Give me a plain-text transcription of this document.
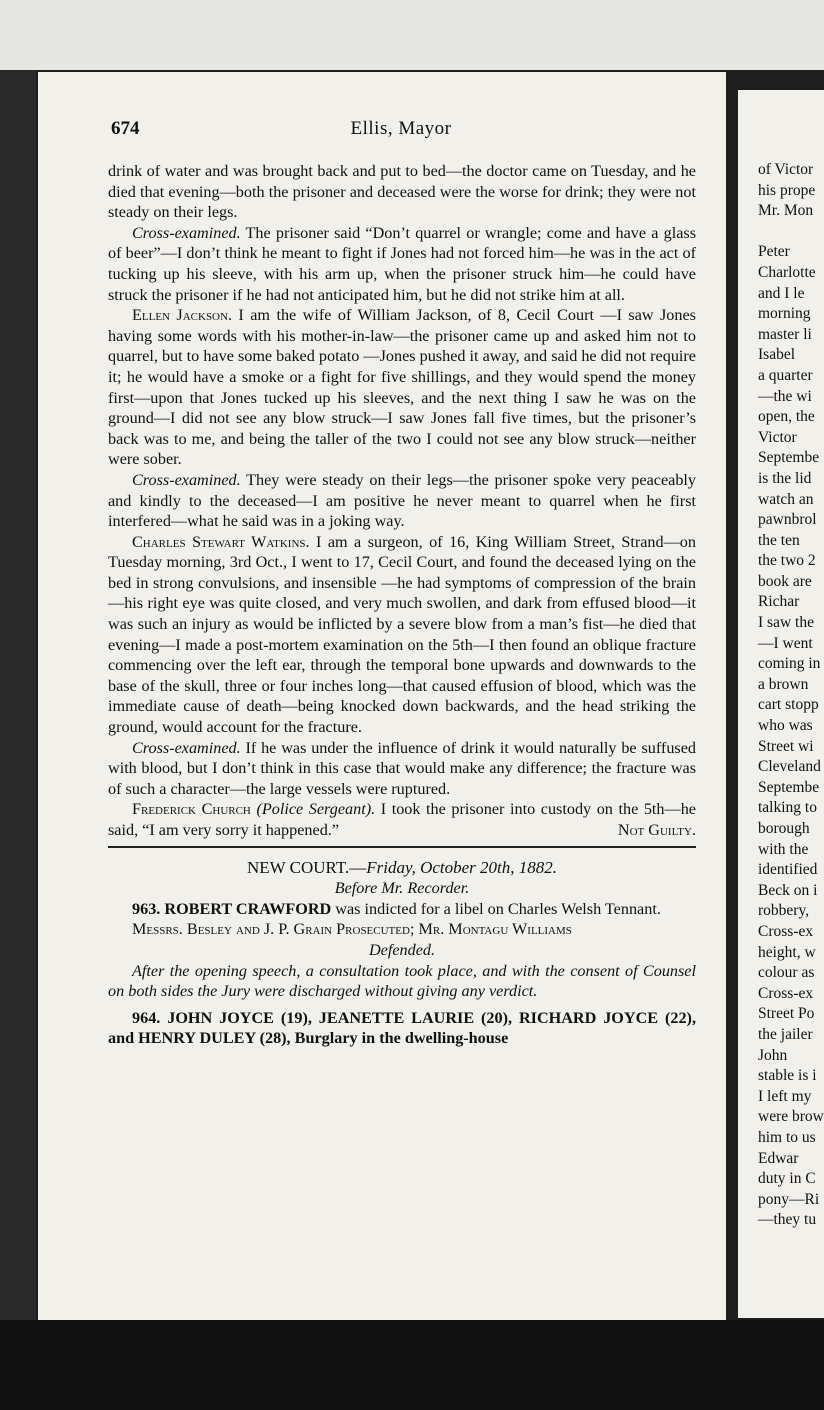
674	Ellis, Mayor

drink of water and was brought back and put to bed—the doctor came on Tuesday, and he died that evening—both the prisoner and deceased were the worse for drink; they were not steady on their legs.

Cross-examined. The prisoner said “Don’t quarrel or wrangle; come and have a glass of beer”—I don’t think he meant to fight if Jones had not forced him—he was in the act of tucking up his sleeve, with his arm up, when the prisoner struck him—he could have struck the prisoner if he had not anticipated him, but he did not strike him at all.

Ellen Jackson. I am the wife of William Jackson, of 8, Cecil Court —I saw Jones having some words with his mother-in-law—the prisoner came up and asked him not to quarrel, but to have some baked potato —Jones pushed it away, and said he did not require it; he would have a smoke or a fight for five shillings, and they would spend the money first—upon that Jones tucked up his sleeves, and the next thing I saw he was on the ground—I did not see any blow struck—I saw Jones fall five times, but the prisoner’s back was to me, and being the taller of the two I could not see any blow struck—neither were sober.

Cross-examined. They were steady on their legs—the prisoner spoke very peaceably and kindly to the deceased—I am positive he never meant to quarrel when he first interfered—what he said was in a joking way.

Charles Stewart Watkins. I am a surgeon, of 16, King William Street, Strand—on Tuesday morning, 3rd Oct., I went to 17, Cecil Court, and found the deceased lying on the bed in strong convulsions, and insensible —he had symptoms of compression of the brain—his right eye was quite closed, and very much swollen, and dark from effused blood—it was such an injury as would be inflicted by a severe blow from a man’s fist—he died that evening—I made a post-mortem examination on the 5th—I then found an oblique fracture commencing over the left ear, through the temporal bone upwards and downwards to the base of the skull, three or four inches long—that caused effusion of blood, which was the immediate cause of death—being knocked down backwards, and the head striking the ground, would account for the fracture.

Cross-examined. If he was under the influence of drink it would naturally be suffused with blood, but I don’t think in this case that would make any difference; the fracture was of such a character—the large vessels were ruptured.

Frederick Church (Police Sergeant). I took the prisoner into custody on the 5th—he said, “I am very sorry it happened.”	Not Guilty.

NEW COURT.—Friday, October 20th, 1882.

Before Mr. Recorder.

963. ROBERT CRAWFORD was indicted for a libel on Charles Welsh Tennant.

Messrs. Besley and J. P. Grain Prosecuted; Mr. Montagu Williams

Defended.

After the opening speech, a consultation took place, and with the consent of Counsel on both sides the Jury were discharged without giving any verdict.

964. JOHN JOYCE (19), JEANETTE LAURIE (20), RICHARD JOYCE (22), and HENRY DULEY (28), Burglary in the dwelling-house

of Victor
his prope
Mr. Mon
Peter
Charlotte
and I le
morning
master li
Isabel
a quarter
—the wi
open, the
Victor
Septembe
is the lid
watch an
pawnbrol
the ten
the two 2
book are
Richar
I saw the
—I went
coming in
a brown
cart stopp
who was
Street wi
Cleveland
Septembe
talking to
borough
with the
identified
Beck on i
robbery,
Cross-ex
height, w
colour as
Cross-ex
Street Po
the jailer
John
stable is i
I left my
were brow
him to us
Edwar
duty in C
pony—Ri
—they tu
